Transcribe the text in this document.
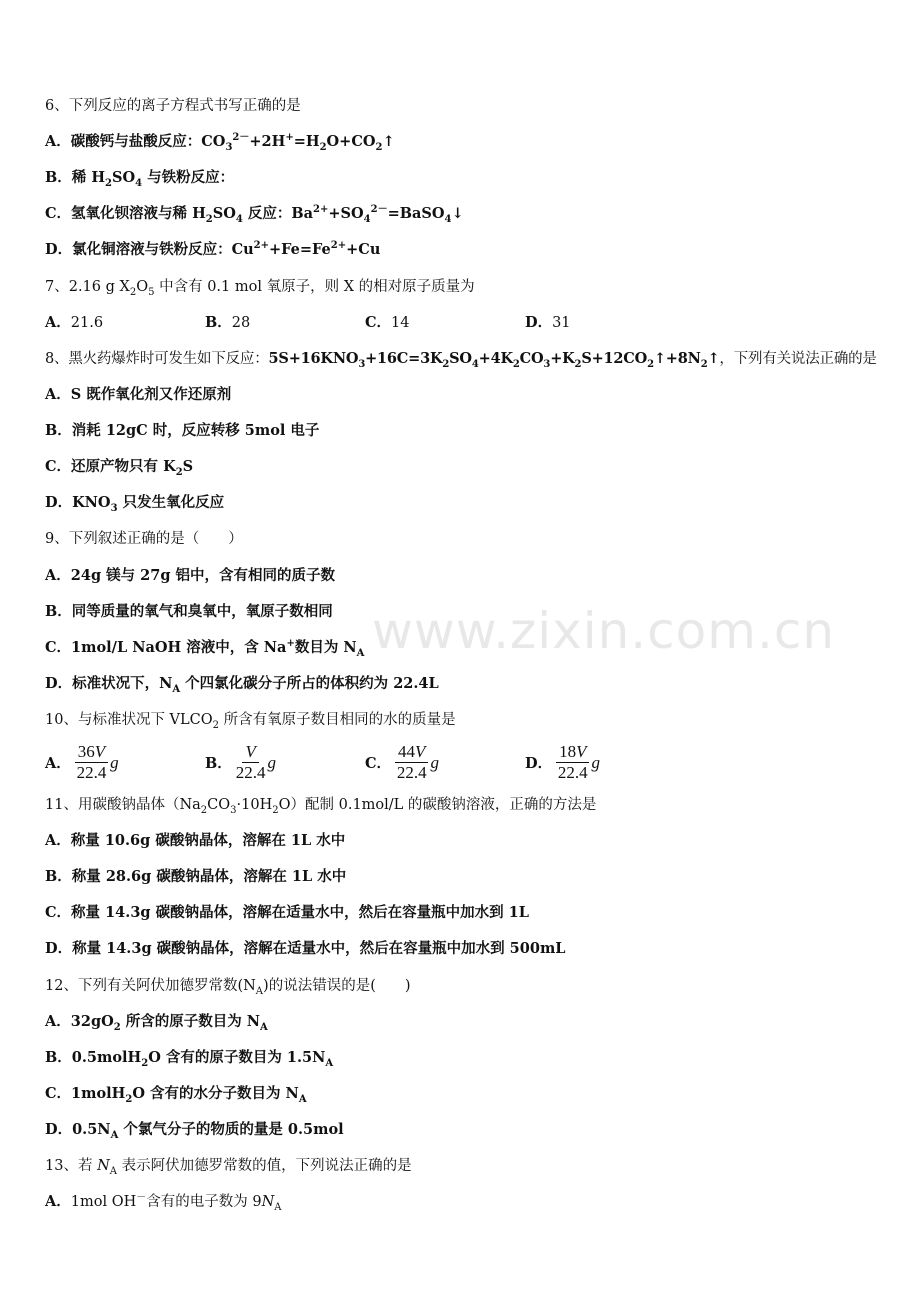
www.zixin.com.cn
6、下列反应的离子方程式书写正确的是
A．碳酸钙与盐酸反应：$CO_3^{2-}+2H^+=H_2O+CO_2↑$
B．稀 $H_2SO_4$ 与铁粉反应：
C．氢氧化钡溶液与稀 $H_2SO_4$ 反应：$Ba^{2+}+SO_4^{2-}=BaSO_4↓$
D．氯化铜溶液与铁粉反应：$Cu^{2+}+Fe=Fe^{2+}+Cu$
7、2.16 g $X_2O_5$ 中含有 0.1 mol 氧原子，则 X 的相对原子质量为
A．21.6	B．28	C．14	D．31
8、黑火药爆炸时可发生如下反应：$5S+16KNO_3+16C=3K_2SO_4+4K_2CO_3+K_2S+12CO_2↑+8N_2↑$，下列有关说法正确的是
A．S 既作氧化剂又作还原剂
B．消耗 12gC 时，反应转移 5mol 电子
C．还原产物只有 $K_2S$
D．$KNO_3$ 只发生氧化反应
9、下列叙述正确的是（　　）
A．24g 镁与 27g 铝中，含有相同的质子数
B．同等质量的氧气和臭氧中，氧原子数相同
C．1mol/L NaOH 溶液中，含 Na+数目为 $N_A$
D．标准状况下，$N_A$ 个四氯化碳分子所占的体积约为 22.4L
10、与标准状况下 $VLCO_2$ 所含有氧原子数目相同的水的质量是
A． $\frac{36V}{22.4}$ g	B． $\frac{V}{22.4}$ g	C． $\frac{44V}{22.4}$ g	D． $\frac{18V}{22.4}$ g
11、用碳酸钠晶体$(Na_2CO_3\cdot 10H_2O)$配制 0.1mol/L 的碳酸钠溶液，正确的方法是
A．称量 10.6g 碳酸钠晶体，溶解在 1L 水中
B．称量 28.6g 碳酸钠晶体，溶解在 1L 水中
C．称量 14.3g 碳酸钠晶体，溶解在适量水中，然后在容量瓶中加水到 1L
D．称量 14.3g 碳酸钠晶体，溶解在适量水中，然后在容量瓶中加水到 500mL
12、下列有关阿伏加德罗常数$(N_A)$的说法错误的是(　　)
A．$32gO_2$ 所含的原子数目为 $N_A$
B．0.5molH$_2$O 含有的原子数目为 $1.5N_A$
C．1molH$_2$O 含有的水分子数目为 $N_A$
D．$0.5N_A$ 个氯气分子的物质的量是 0.5mol
13、若 $N_A$ 表示阿伏加德罗常数的值，下列说法正确的是
A．1mol OH－含有的电子数为 $9N_A$
